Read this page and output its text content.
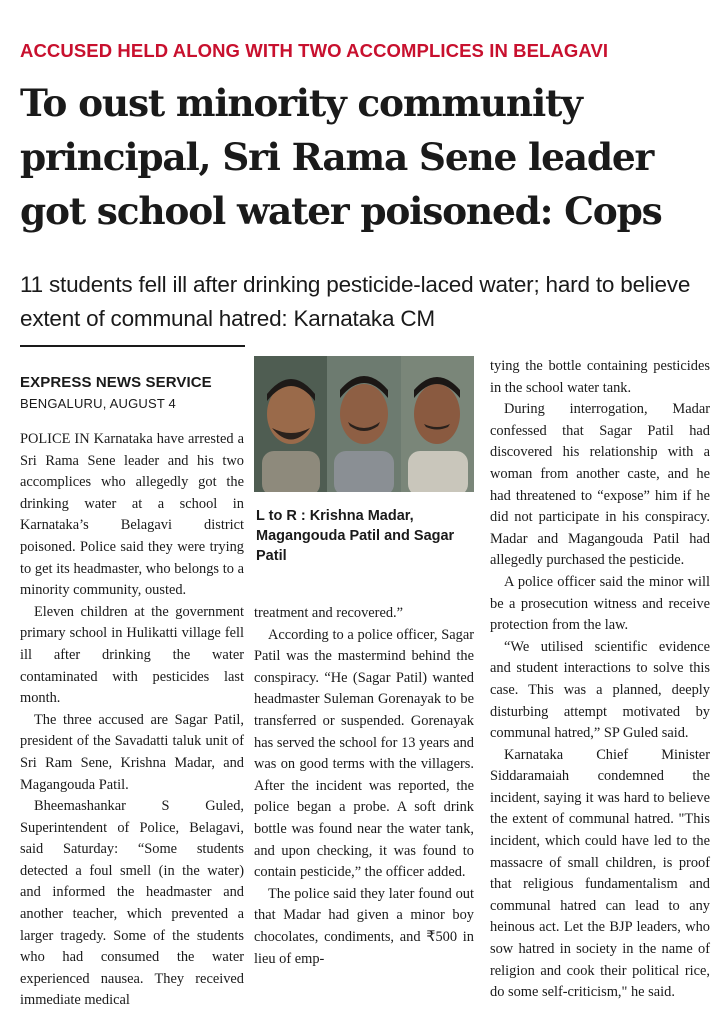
ACCUSED HELD ALONG WITH TWO ACCOMPLICES IN BELAGAVI
To oust minority community principal, Sri Rama Sene leader got school water poisoned: Cops
11 students fell ill after drinking pesticide-laced water; hard to believe extent of communal hatred: Karnataka CM
EXPRESS NEWS SERVICE
BENGALURU, AUGUST 4

POLICE IN Karnataka have arrested a Sri Rama Sene leader and his two accomplices who allegedly got the drinking water at a school in Karnataka’s Belagavi district poisoned. Police said they were trying to get its headmaster, who belongs to a minority community, ousted.

Eleven children at the government primary school in Hulikatti village fell ill after drinking the water contaminated with pesticides last month.

The three accused are Sagar Patil, president of the Savadatti taluk unit of Sri Ram Sene, Krishna Madar, and Magangouda Patil.

Bheemashankar S Guled, Superintendent of Police, Belagavi, said Saturday: “Some students detected a foul smell (in the water) and informed the headmaster and another teacher, which prevented a larger tragedy. Some of the students who had consumed the water experienced nausea. They received immediate medical

L to R : Krishna Madar, Magangouda Patil and Sagar Patil

treatment and recovered.”

According to a police officer, Sagar Patil was the mastermind behind the conspiracy. “He (Sagar Patil) wanted headmaster Suleman Gorenayak to be transferred or suspended. Gorenayak has served the school for 13 years and was on good terms with the villagers. After the incident was reported, the police began a probe. A soft drink bottle was found near the water tank, and upon checking, it was found to contain pesticide,” the officer added.

The police said they later found out that Madar had given a minor boy chocolates, condiments, and ₹500 in lieu of emp-

tying the bottle containing pesticides in the school water tank.

During interrogation, Madar confessed that Sagar Patil had discovered his relationship with a woman from another caste, and he had threatened to “expose” him if he did not participate in his conspiracy. Madar and Magangouda Patil had allegedly purchased the pesticide.

A police officer said the minor will be a prosecution witness and receive protection from the law.

“We utilised scientific evidence and student interactions to solve this case. This was a planned, deeply disturbing attempt motivated by communal hatred,” SP Guled said.

Karnataka Chief Minister Siddaramaiah condemned the incident, saying it was hard to believe the extent of communal hatred. "This incident, which could have led to the massacre of small children, is proof that religious fundamentalism and communal hatred can lead to any heinous act. Let the BJP leaders, who sow hatred in society in the name of religion and cook their political rice, do some self-criticism," he said.
